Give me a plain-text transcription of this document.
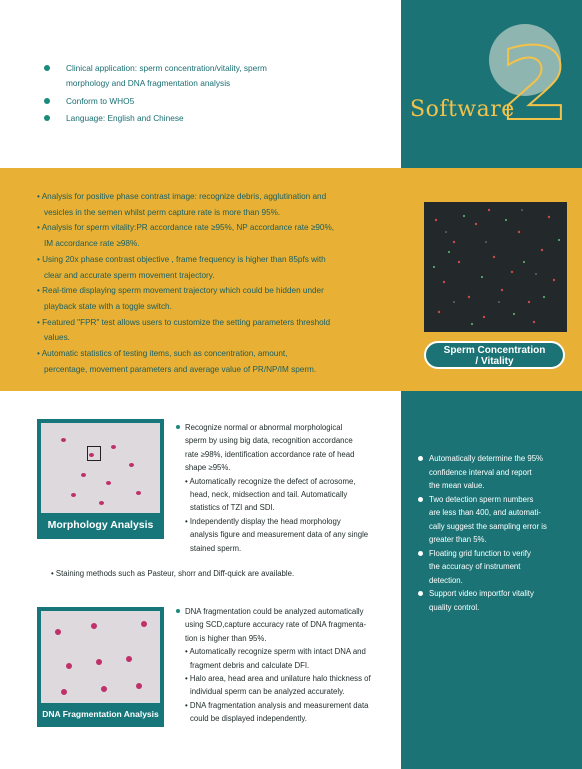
2
Software
Clinical application: sperm concentration/vitality, sperm
morphology and DNA fragmentation analysis
Conform to WHO5
Language: English and Chinese
• Analysis for positive phase contrast image: recognize debris, agglutination and
vesicles in the semen whilst perm capture rate is more than 95%.
• Analysis for sperm vitality:PR accordance rate ≥95%, NP accordance rate ≥90%,
IM accordance rate ≥98%.
• Using 20x phase contrast objective , frame frequency is higher than 85pfs with
clear and accurate sperm movement trajectory.
• Real-time displaying sperm movement trajectory which could be hidden under
playback state with a toggle switch.
• Featured "FPR" test allows users to customize the setting parameters threshold
values.
• Automatic statistics of testing items, such as concentration, amount,
percentage, movement parameters and average value of PR/NP/IM sperm.
Sperm Concentration
/ Vitality
Automatically determine the 95%
confidence interval and report
the mean value.
Two detection sperm numbers
are less than 400, and automati-
cally suggest the sampling error is
greater than 5%.
Floating grid function to verify
the accuracy of instrument
detection.
Support video importfor vitality
quality control.
Morphology Analysis
Recognize normal or abnormal morphological
sperm by using big data, recognition accordance
rate ≥98%, identification accordance rate of head
shape ≥95%.
• Automatically recognize the defect of acrosome,
head, neck, midsection and tail. Automatically
statistics of TZI and SDI.
• Independently display the head morphology
analysis figure and measurement data of any single
stained sperm.
• Staining methods such as Pasteur, shorr and Diff-quick are available.
DNA Fragmentation Analysis
DNA fragmentation could be analyzed automatically
using SCD,capture accuracy rate of DNA fragmenta-
tion is higher than 95%.
• Automatically recognize sperm with intact DNA and
fragment debris and calculate DFI.
• Halo area, head area and unilature halo thickness of
individual sperm can be analyzed accurately.
• DNA fragmentation analysis and measurement data
could be displayed independently.
